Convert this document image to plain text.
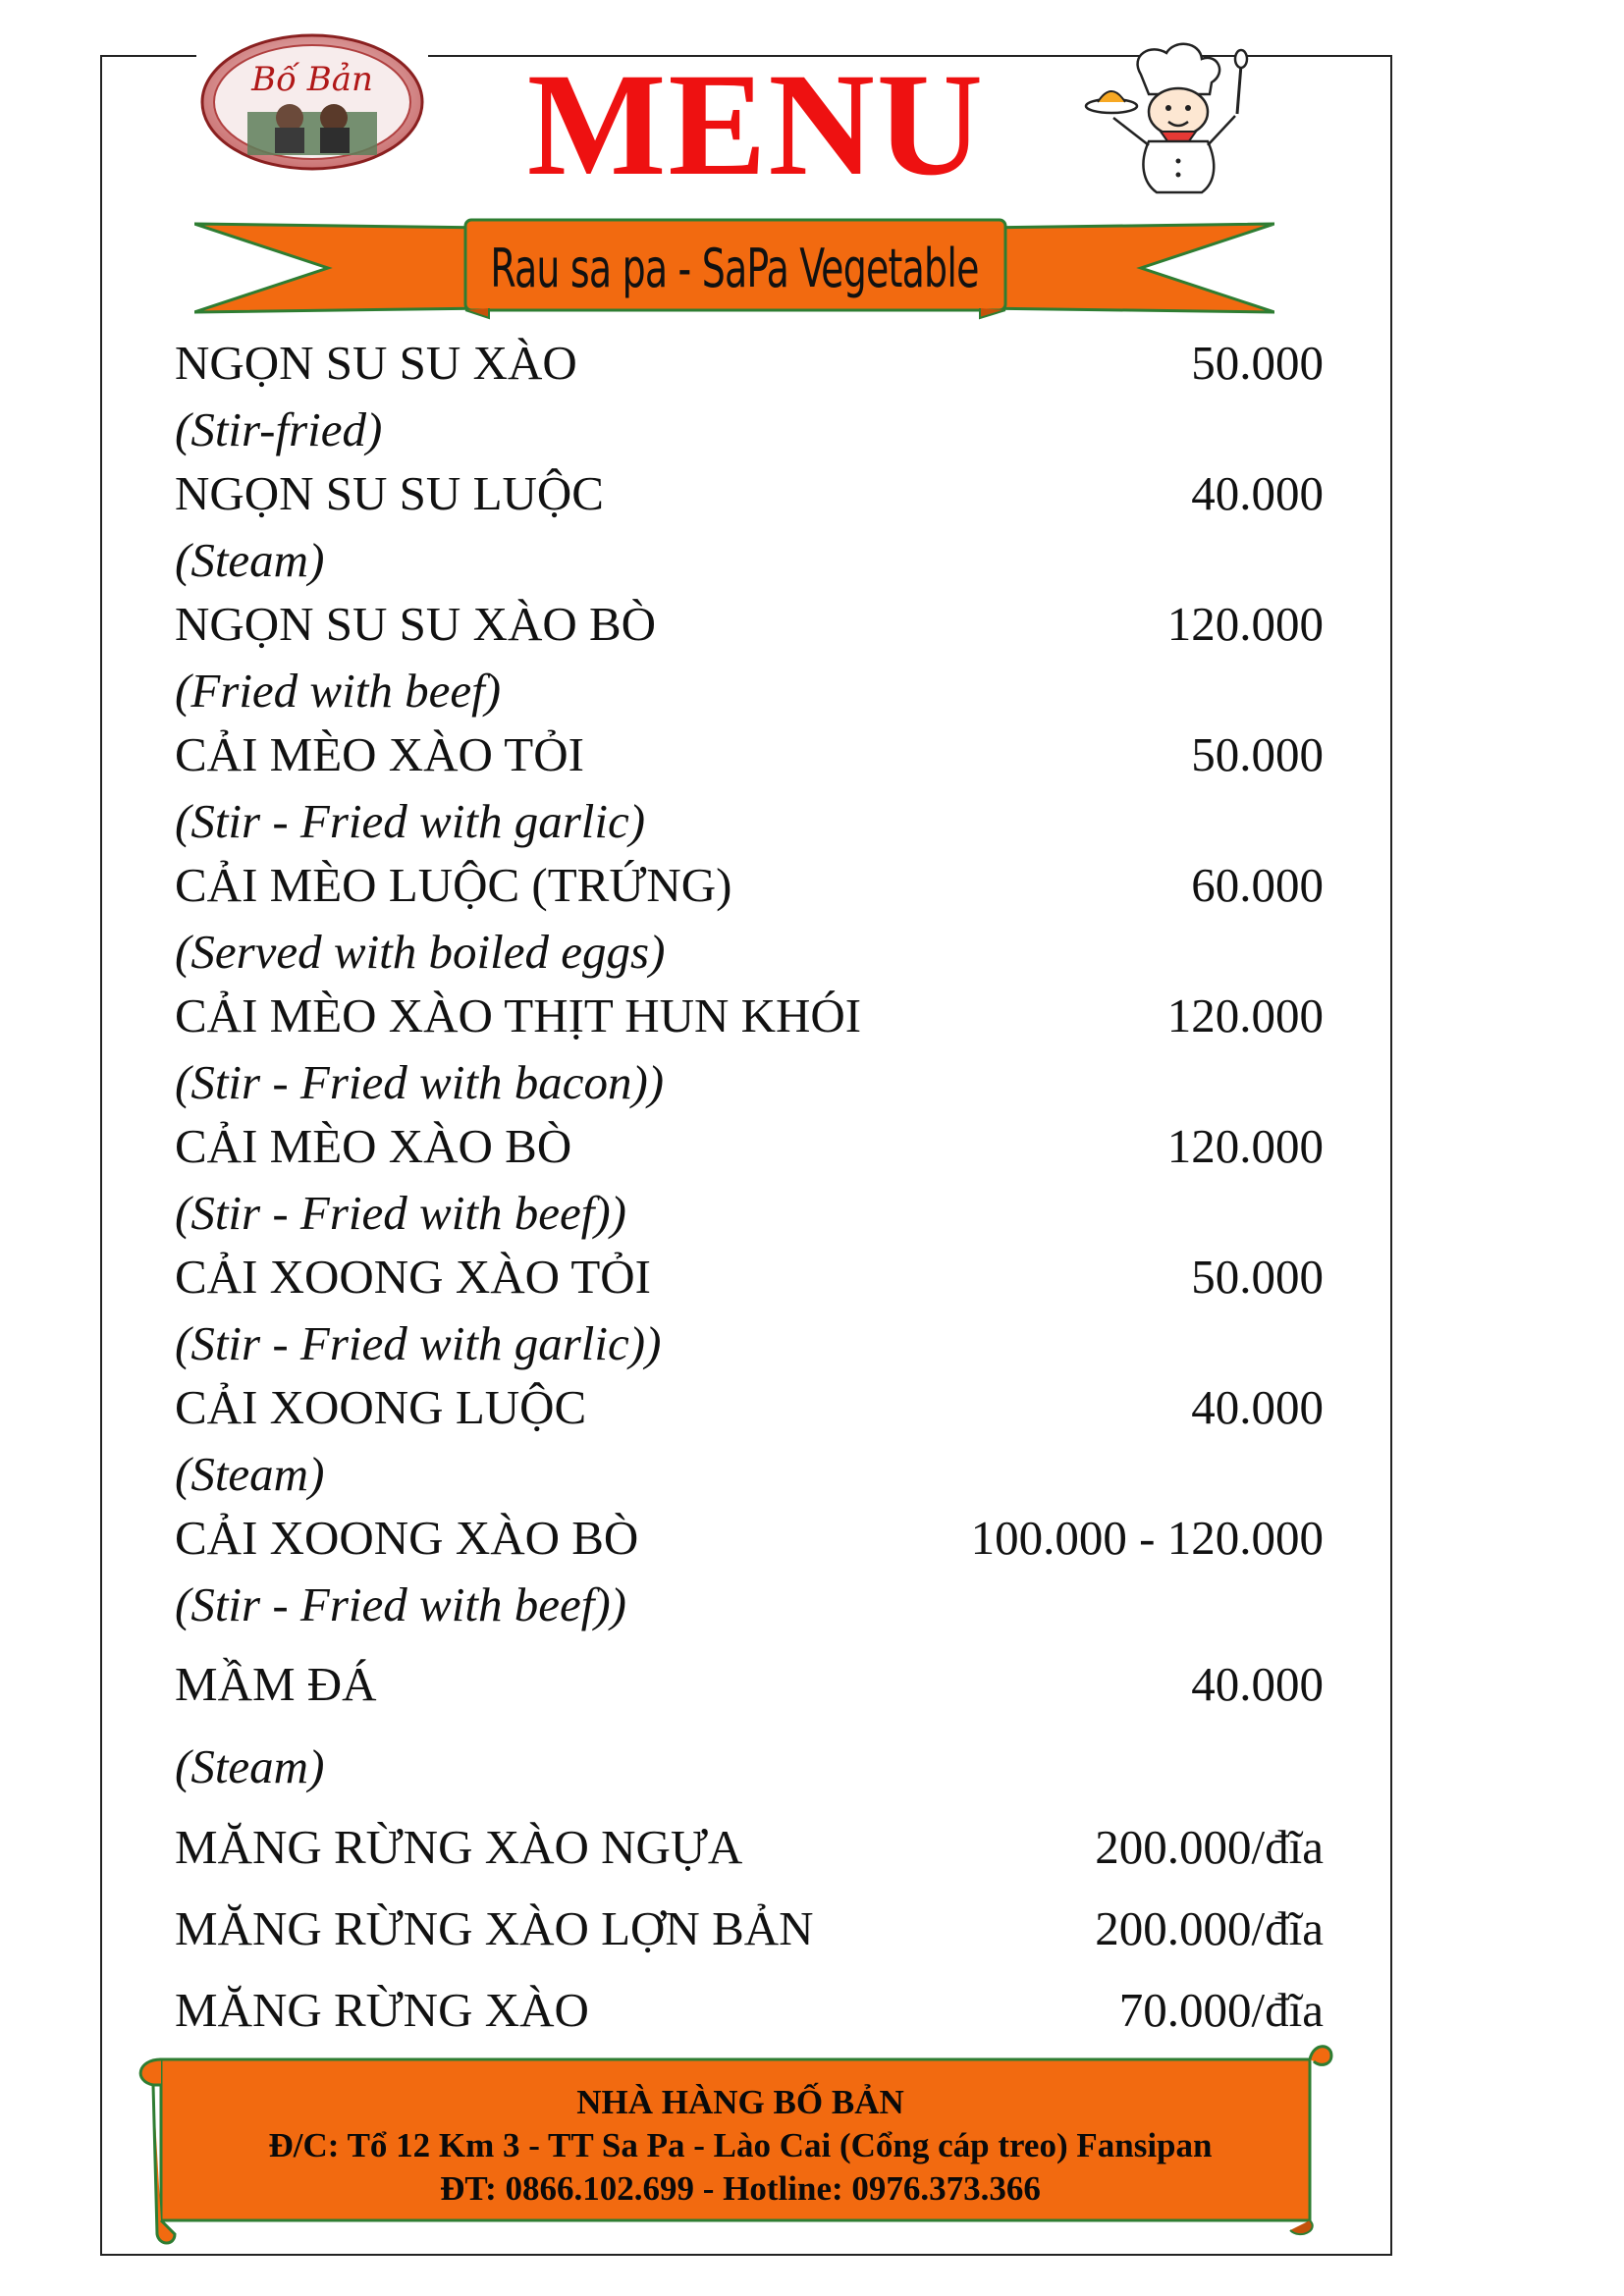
Bố Bản	MENU
Rau sa pa - SaPa Vegetable
NGỌN SU SU XÀO	50.000
(Stir-fried)
NGỌN SU SU LUỘC	40.000
(Steam)
NGỌN SU SU XÀO BÒ	120.000
(Fried with beef)
CẢI MÈO XÀO TỎI	50.000
(Stir - Fried with garlic)
CẢI MÈO LUỘC (TRỨNG)	60.000
(Served with boiled eggs)
CẢI MÈO XÀO THỊT HUN KHÓI	120.000
(Stir - Fried with bacon))
CẢI MÈO XÀO BÒ	120.000
(Stir - Fried with beef))
CẢI XOONG XÀO TỎI	50.000
(Stir - Fried with garlic))
CẢI XOONG LUỘC	40.000
(Steam)
CẢI XOONG XÀO BÒ	100.000 - 120.000
(Stir - Fried with beef))
MẦM ĐÁ	40.000
(Steam)
MĂNG RỪNG XÀO NGỰA	200.000/đĩa
MĂNG RỪNG XÀO LỢN BẢN	200.000/đĩa
MĂNG RỪNG XÀO	70.000/đĩa
NHÀ HÀNG BỐ BẢN
Đ/C: Tổ 12 Km 3 - TT Sa Pa - Lào Cai (Cổng cáp treo) Fansipan
ĐT: 0866.102.699 - Hotline: 0976.373.366
